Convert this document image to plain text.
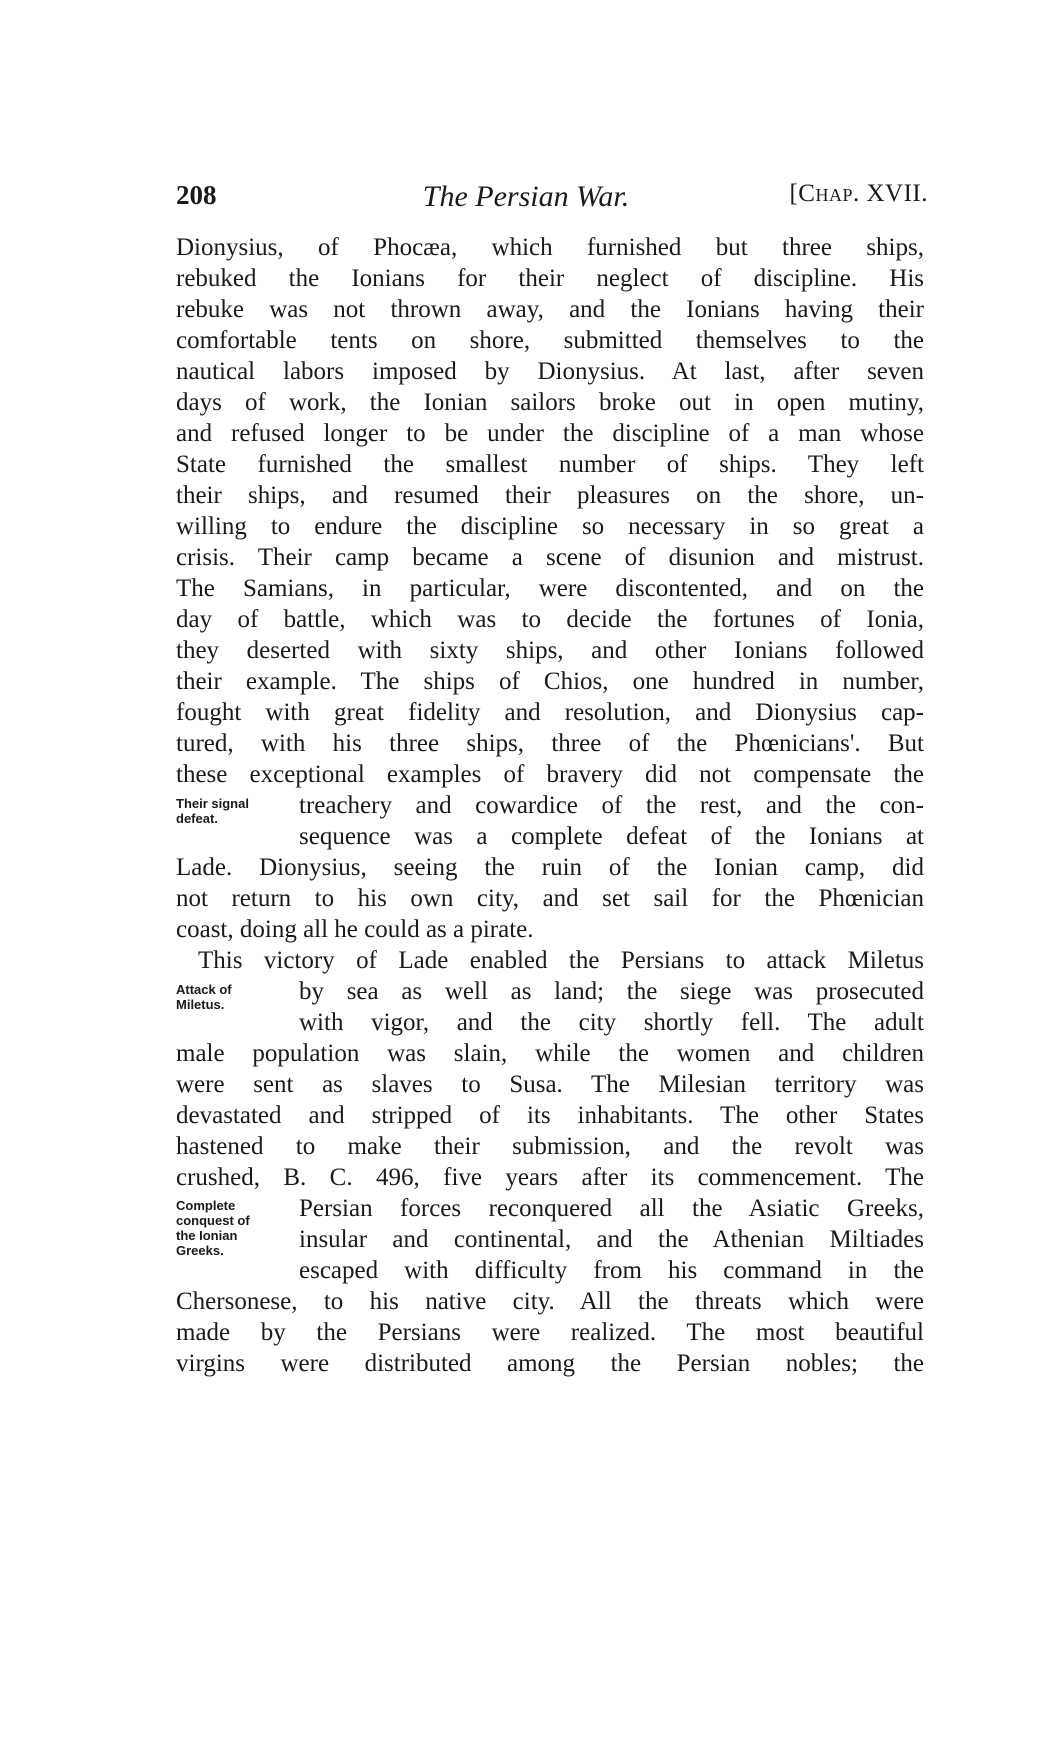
208	The Persian War.	[Chap. XVII.
Dionysius, of Phocæa, which furnished but three ships,
rebuked the Ionians for their neglect of discipline. His
rebuke was not thrown away, and the Ionians having their
comfortable tents on shore, submitted themselves to the
nautical labors imposed by Dionysius. At last, after seven
days of work, the Ionian sailors broke out in open mutiny,
and refused longer to be under the discipline of a man whose
State furnished the smallest number of ships. They left
their ships, and resumed their pleasures on the shore, un-
willing to endure the discipline so necessary in so great a
crisis. Their camp became a scene of disunion and mistrust.
The Samians, in particular, were discontented, and on the
day of battle, which was to decide the fortunes of Ionia,
they deserted with sixty ships, and other Ionians followed
their example. The ships of Chios, one hundred in number,
fought with great fidelity and resolution, and Dionysius cap-
tured, with his three ships, three of the Phœnicians'. But
these exceptional examples of bravery did not compensate the
treachery and cowardice of the rest, and the con-
sequence was a complete defeat of the Ionians at
Lade. Dionysius, seeing the ruin of the Ionian camp, did
not return to his own city, and set sail for the Phœnician
coast, doing all he could as a pirate.
This victory of Lade enabled the Persians to attack Miletus
by sea as well as land; the siege was prosecuted
with vigor, and the city shortly fell. The adult
male population was slain, while the women and children
were sent as slaves to Susa. The Milesian territory was
devastated and stripped of its inhabitants. The other States
hastened to make their submission, and the revolt was
crushed, B. C. 496, five years after its commencement. The
Persian forces reconquered all the Asiatic Greeks,
insular and continental, and the Athenian Miltiades
escaped with difficulty from his command in the
Chersonese, to his native city. All the threats which were
made by the Persians were realized. The most beautiful
virgins were distributed among the Persian nobles; the
Their signal
defeat.
Attack of
Miletus.
Complete
conquest of
the Ionian
Greeks.
